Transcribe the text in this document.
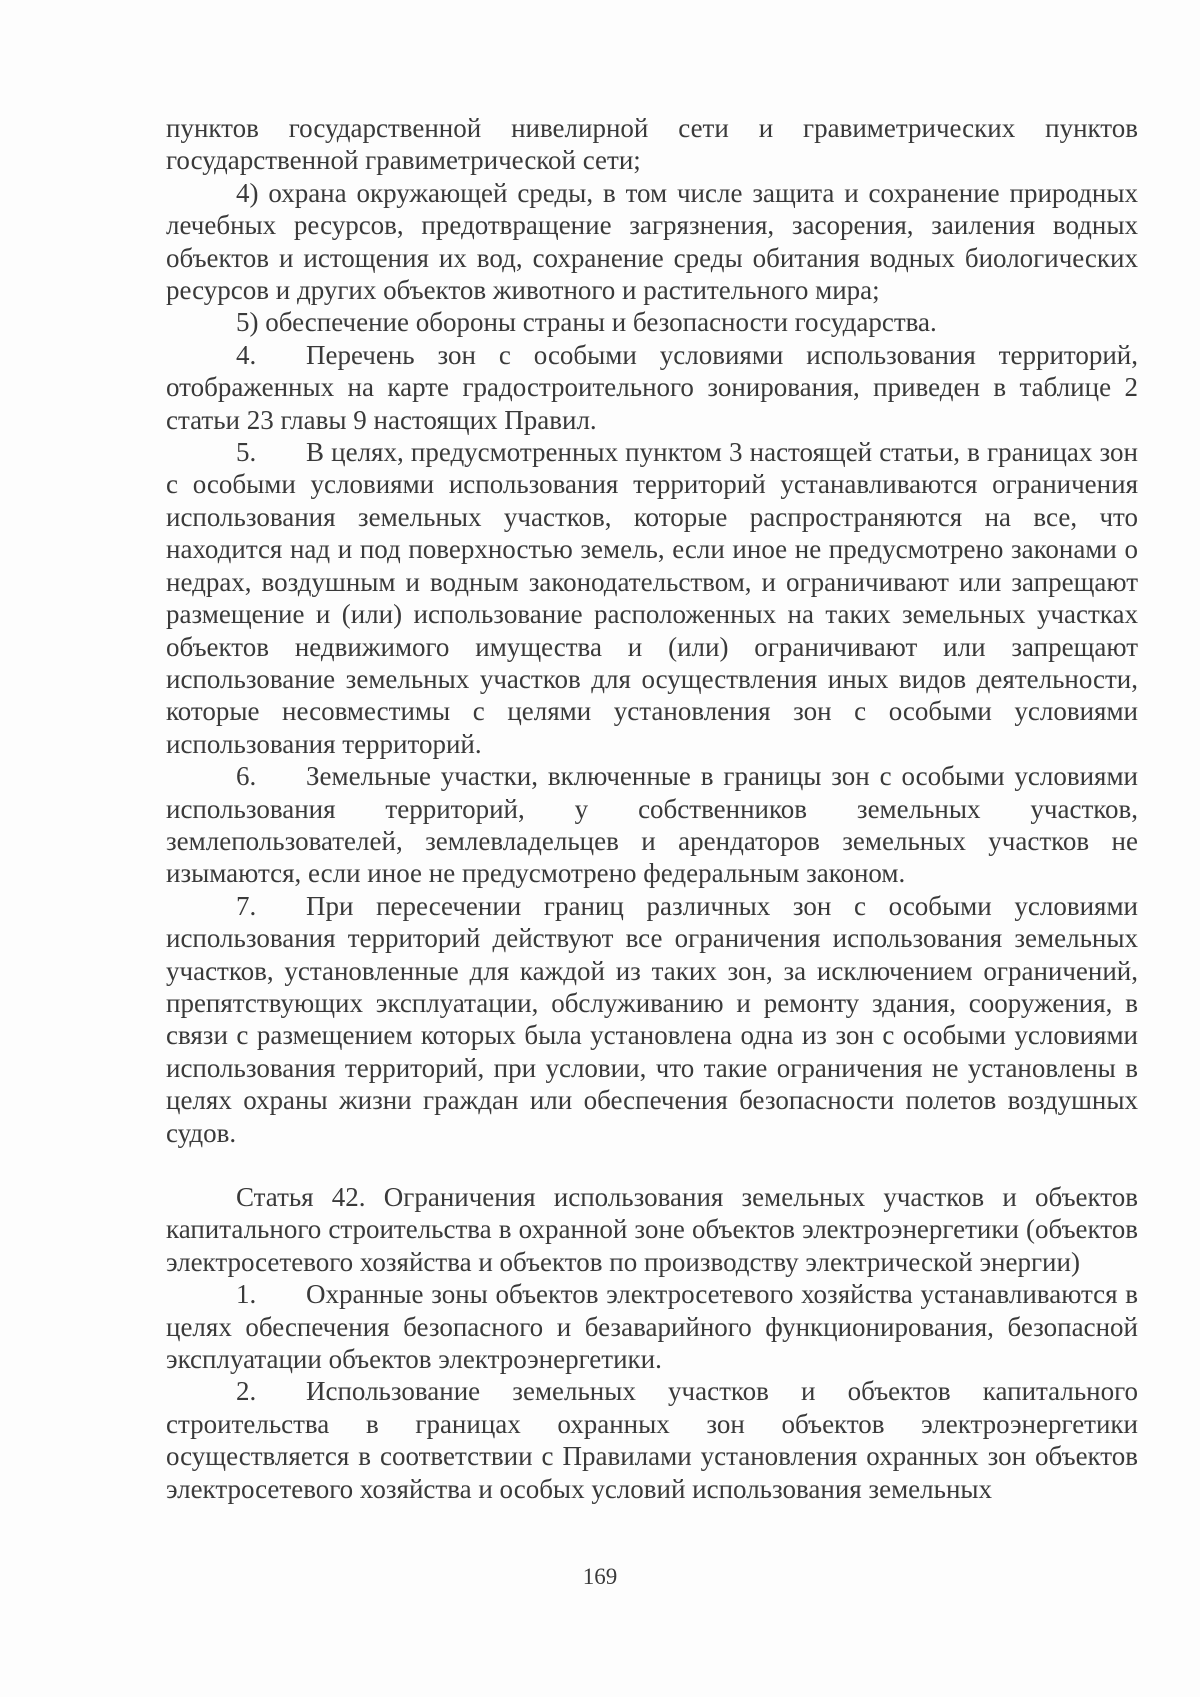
пунктов государственной нивелирной сети и гравиметрических пунктов государственной гравиметрической сети;

4) охрана окружающей среды, в том числе защита и сохранение природных лечебных ресурсов, предотвращение загрязнения, засорения, заиления водных объектов и истощения их вод, сохранение среды обитания водных биологических ресурсов и других объектов животного и растительного мира;

5) обеспечение обороны страны и безопасности государства.

4. Перечень зон с особыми условиями использования территорий, отображенных на карте градостроительного зонирования, приведен в таблице 2 статьи 23 главы 9 настоящих Правил.

5. В целях, предусмотренных пунктом 3 настоящей статьи, в границах зон с особыми условиями использования территорий устанавливаются ограничения использования земельных участков, которые распространяются на все, что находится над и под поверхностью земель, если иное не предусмотрено законами о недрах, воздушным и водным законодательством, и ограничивают или запрещают размещение и (или) использование расположенных на таких земельных участках объектов недвижимого имущества и (или) ограничивают или запрещают использование земельных участков для осуществления иных видов деятельности, которые несовместимы с целями установления зон с особыми условиями использования территорий.

6. Земельные участки, включенные в границы зон с особыми условиями использования территорий, у собственников земельных участков, землепользователей, землевладельцев и арендаторов земельных участков не изымаются, если иное не предусмотрено федеральным законом.

7. При пересечении границ различных зон с особыми условиями использования территорий действуют все ограничения использования земельных участков, установленные для каждой из таких зон, за исключением ограничений, препятствующих эксплуатации, обслуживанию и ремонту здания, сооружения, в связи с размещением которых была установлена одна из зон с особыми условиями использования территорий, при условии, что такие ограничения не установлены в целях охраны жизни граждан или обеспечения безопасности полетов воздушных судов.

Статья 42. Ограничения использования земельных участков и объектов капитального строительства в охранной зоне объектов электроэнергетики (объектов электросетевого хозяйства и объектов по производству электрической энергии)

1. Охранные зоны объектов электросетевого хозяйства устанавливаются в целях обеспечения безопасного и безаварийного функционирования, безопасной эксплуатации объектов электроэнергетики.

2. Использование земельных участков и объектов капитального строительства в границах охранных зон объектов электроэнергетики осуществляется в соответствии с Правилами установления охранных зон объектов электросетевого хозяйства и особых условий использования земельных

169
